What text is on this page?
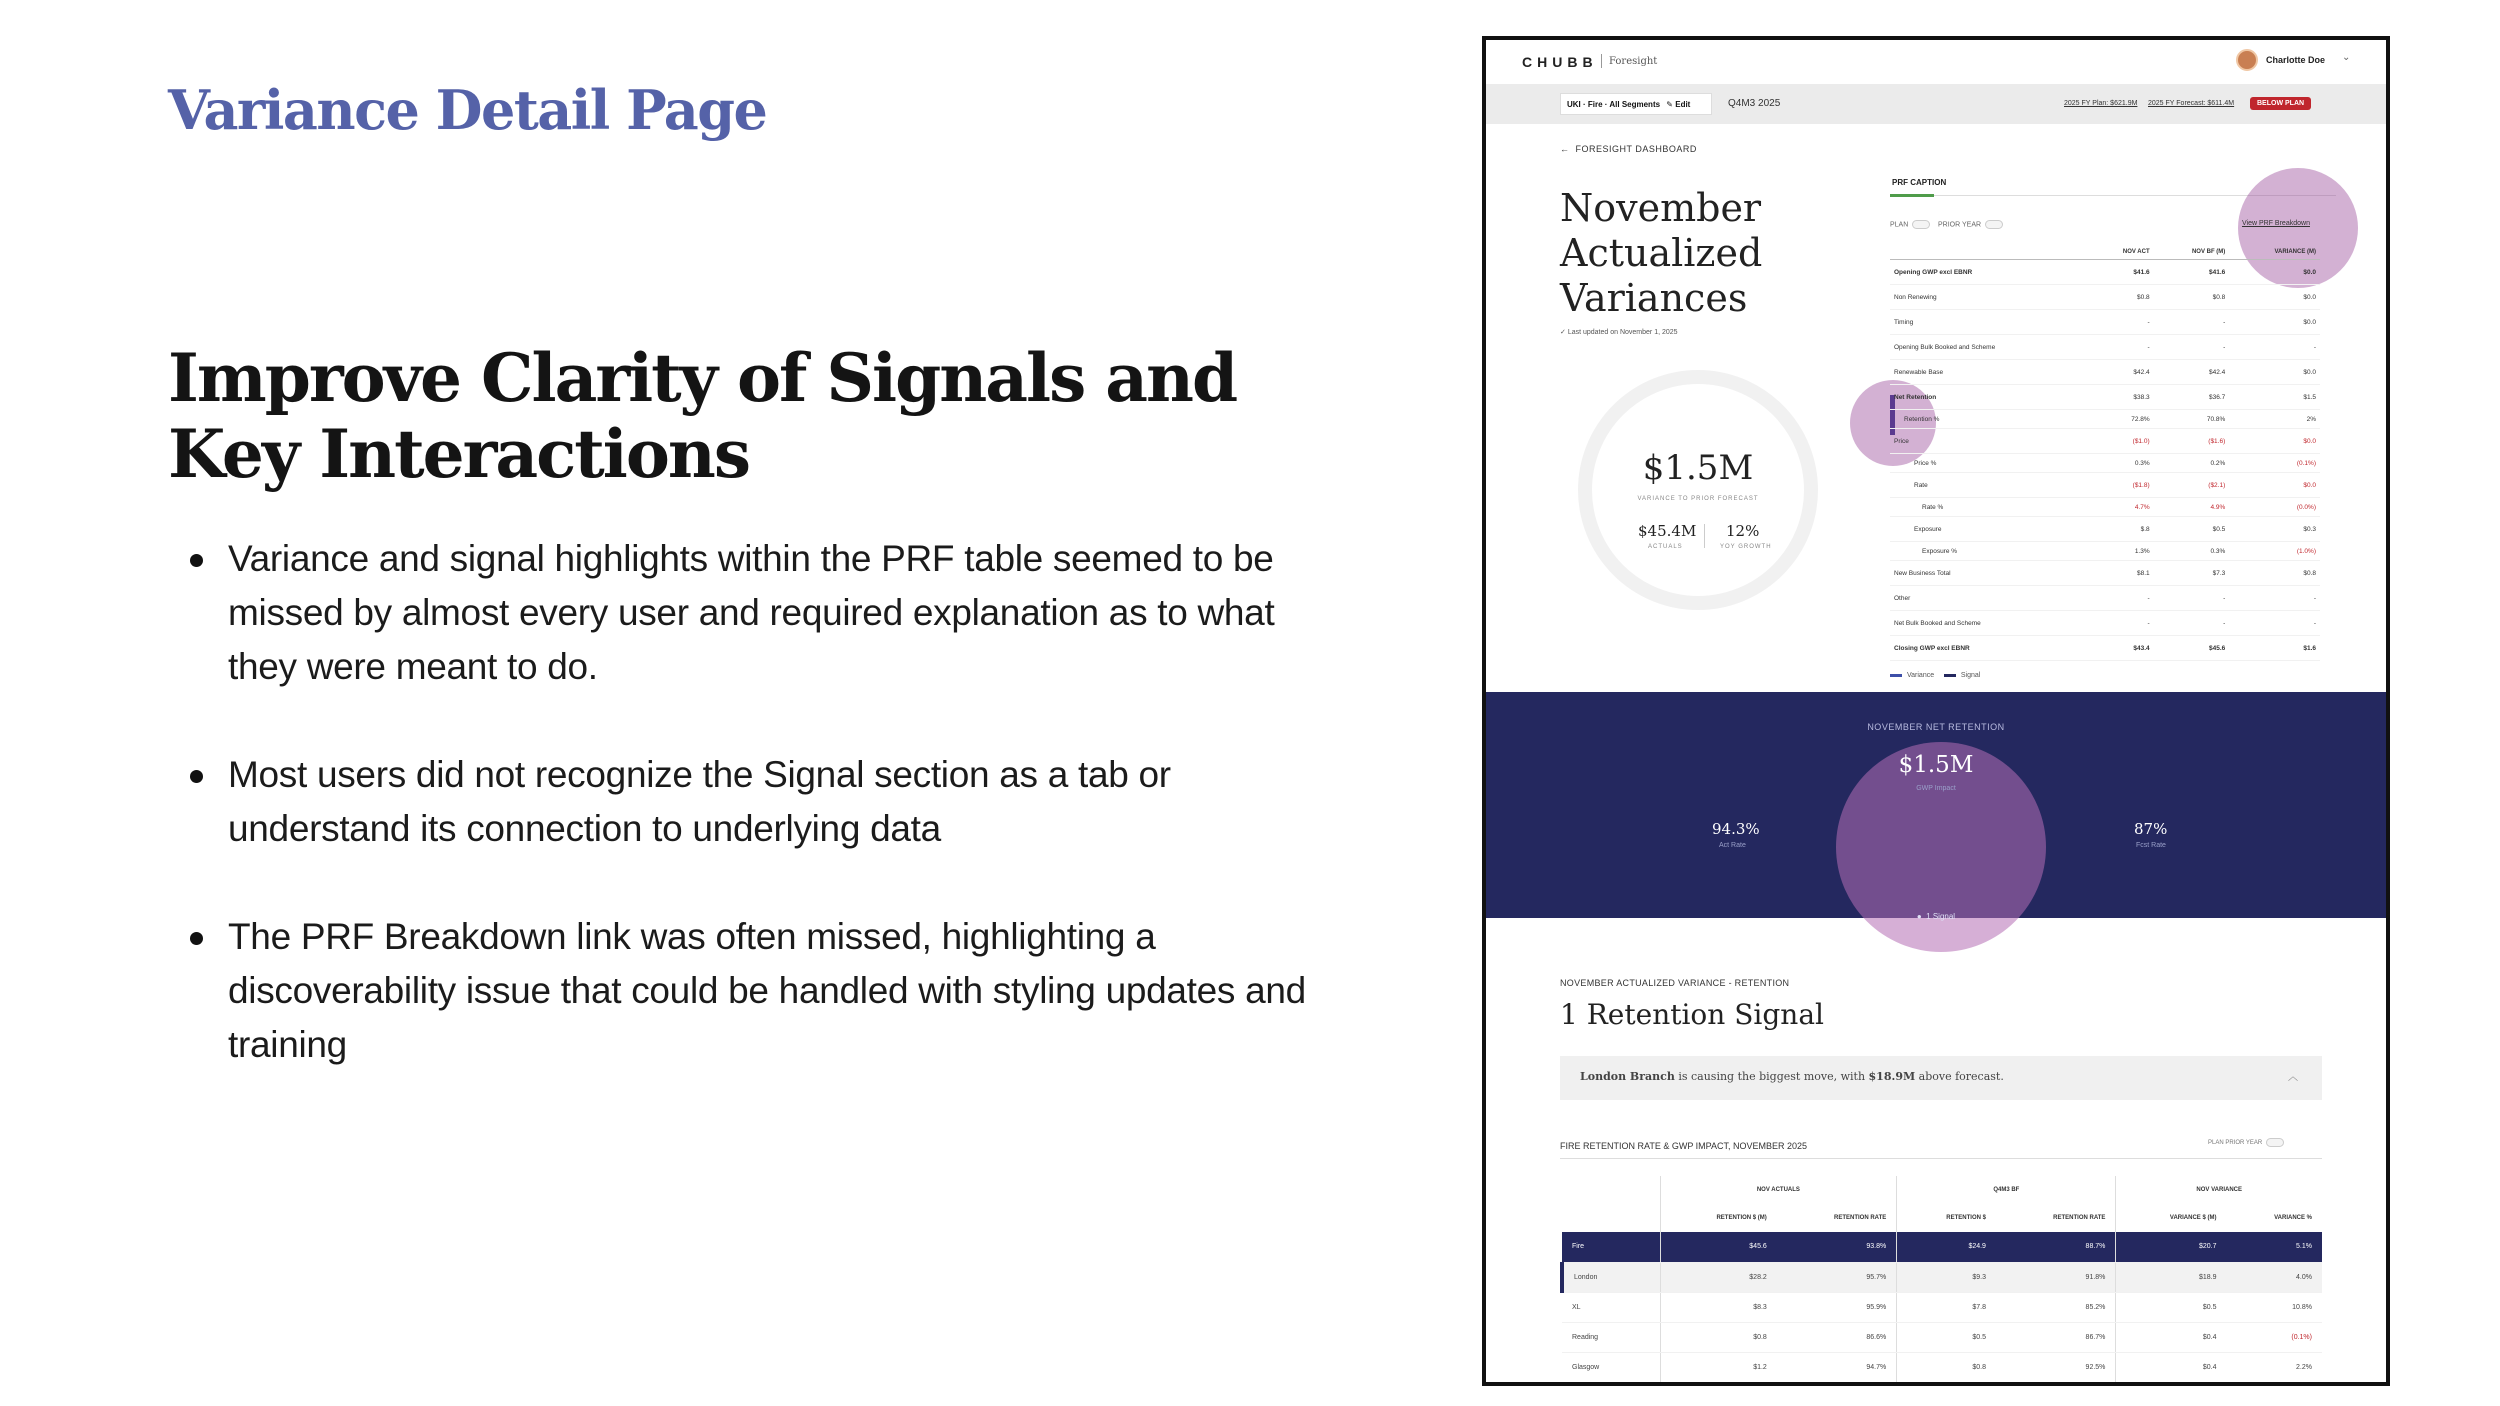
Variance Detail Page
Improve Clarity of Signals and Key Interactions
Variance and signal highlights within the PRF table seemed to be missed by almost every user and required explanation as to what they were meant to do.
Most users did not recognize the Signal section as a tab or understand its connection to underlying data
The PRF Breakdown link was often missed, highlighting a discoverability issue that could be handled with styling updates and training
CHUBB Foresight	Charlotte Doe ⌄
UKI · Fire · All Segments ✎ Edit	Q4M3 2025	2025 FY Plan: $621.9M 2025 FY Forecast: $611.4M	BELOW PLAN
←  FORESIGHT DASHBOARD
November Actualized Variances
✓ Last updated on November 1, 2025
$1.5M
VARIANCE TO PRIOR FORECAST
$45.4M
ACTUALS
12%
YOY GROWTH
PRF CAPTION
PLAN	PRIOR YEAR	View PRF Breakdown
	NOV ACT	NOV BF (M)	VARIANCE (M)
Opening GWP excl EBNR	$41.6	$41.6	$0.0
Non Renewing	$0.8	$0.8	$0.0
Timing	-	-	$0.0
Opening Bulk Booked and Scheme	-	-	-
Renewable Base	$42.4	$42.4	$0.0
Net Retention	$38.3	$36.7	$1.5
Retention %	72.8%	70.8%	2%
Price	($1.0)	($1.6)	$0.0
Price %	0.3%	0.2%	(0.1%)
Rate	($1.8)	($2.1)	$0.0
Rate %	4.7%	4.9%	(0.0%)
Exposure	$.8	$0.5	$0.3
Exposure %	1.3%	0.3%	(1.0%)
New Business Total	$8.1	$7.3	$0.8
Other	-	-	-
Net Bulk Booked and Scheme	-	-	-
Closing GWP excl EBNR	$43.4	$45.6	$1.6
Variance	Signal
NOVEMBER NET RETENTION
$1.5M
GWP Impact
94.3%
Act Rate
87%
Fcst Rate
●  1 Signal
NOVEMBER ACTUALIZED VARIANCE - RETENTION
1 Retention Signal
London Branch is causing the biggest move, with $18.9M above forecast.	︿
FIRE RETENTION RATE & GWP IMPACT, NOVEMBER 2025	PLAN PRIOR YEAR
	NOV ACTUALS		Q4M3 BF		NOV VARIANCE	
	RETENTION $ (M)	RETENTION RATE	RETENTION $	RETENTION RATE	VARIANCE $ (M)	VARIANCE %
Fire	$45.6	93.8%	$24.9	88.7%	$20.7	5.1%
London	$28.2	95.7%	$9.3	91.8%	$18.9	4.0%
XL	$8.3	95.9%	$7.8	85.2%	$0.5	10.8%
Reading	$0.8	86.6%	$0.5	86.7%	$0.4	(0.1%)
Glasgow	$1.2	94.7%	$0.8	92.5%	$0.4	2.2%
